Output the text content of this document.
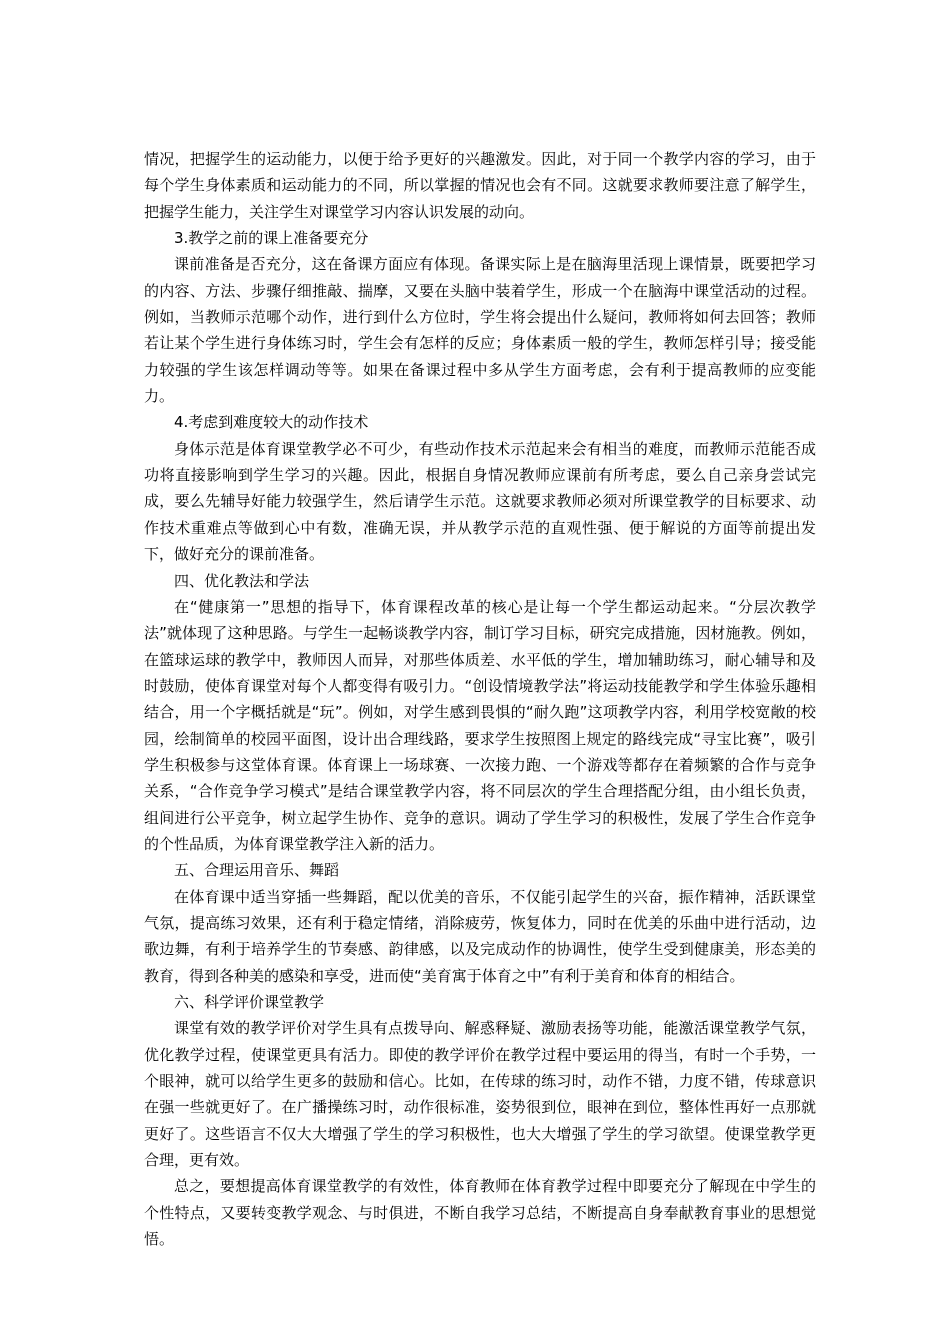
情况，把握学生的运动能力，以便于给予更好的兴趣激发。因此，对于同一个教学内容的学习，由于每个学生身体素质和运动能力的不同，所以掌握的情况也会有不同。这就要求教师要注意了解学生，把握学生能力，关注学生对课堂学习内容认识发展的动向。

3.教学之前的课上准备要充分

课前准备是否充分，这在备课方面应有体现。备课实际上是在脑海里活现上课情景，既要把学习的内容、方法、步骤仔细推敲、揣摩，又要在头脑中装着学生，形成一个在脑海中课堂活动的过程。例如，当教师示范哪个动作，进行到什么方位时，学生将会提出什么疑问，教师将如何去回答；教师若让某个学生进行身体练习时，学生会有怎样的反应；身体素质一般的学生，教师怎样引导；接受能力较强的学生该怎样调动等等。如果在备课过程中多从学生方面考虑，会有利于提高教师的应变能力。

4.考虑到难度较大的动作技术

身体示范是体育课堂教学必不可少，有些动作技术示范起来会有相当的难度，而教师示范能否成功将直接影响到学生学习的兴趣。因此，根据自身情况教师应课前有所考虑，要么自己亲身尝试完成，要么先辅导好能力较强学生，然后请学生示范。这就要求教师必须对所课堂教学的目标要求、动作技术重难点等做到心中有数，准确无误，并从教学示范的直观性强、便于解说的方面等前提出发下，做好充分的课前准备。

四、优化教法和学法

在“健康第一”思想的指导下，体育课程改革的核心是让每一个学生都运动起来。“分层次教学法”就体现了这种思路。与学生一起畅谈教学内容，制订学习目标，研究完成措施，因材施教。例如，在篮球运球的教学中，教师因人而异，对那些体质差、水平低的学生，增加辅助练习，耐心辅导和及时鼓励，使体育课堂对每个人都变得有吸引力。“创设情境教学法”将运动技能教学和学生体验乐趣相结合，用一个字概括就是“玩”。例如，对学生感到畏惧的“耐久跑”这项教学内容，利用学校宽敞的校园，绘制简单的校园平面图，设计出合理线路，要求学生按照图上规定的路线完成“寻宝比赛”，吸引学生积极参与这堂体育课。体育课上一场球赛、一次接力跑、一个游戏等都存在着频繁的合作与竞争关系，“合作竞争学习模式”是结合课堂教学内容，将不同层次的学生合理搭配分组，由小组长负责，组间进行公平竞争，树立起学生协作、竞争的意识。调动了学生学习的积极性，发展了学生合作竞争的个性品质，为体育课堂教学注入新的活力。

五、合理运用音乐、舞蹈

在体育课中适当穿插一些舞蹈，配以优美的音乐，不仅能引起学生的兴奋，振作精神，活跃课堂气氛，提高练习效果，还有利于稳定情绪，消除疲劳，恢复体力，同时在优美的乐曲中进行活动，边歌边舞，有利于培养学生的节奏感、韵律感，以及完成动作的协调性，使学生受到健康美，形态美的教育，得到各种美的感染和享受，进而使“美育寓于体育之中”有利于美育和体育的相结合。

六、科学评价课堂教学

课堂有效的教学评价对学生具有点拨导向、解惑释疑、激励表扬等功能，能激活课堂教学气氛，优化教学过程，使课堂更具有活力。即使的教学评价在教学过程中要运用的得当，有时一个手势，一个眼神，就可以给学生更多的鼓励和信心。比如，在传球的练习时，动作不错，力度不错，传球意识在强一些就更好了。在广播操练习时，动作很标准，姿势很到位，眼神在到位，整体性再好一点那就更好了。这些语言不仅大大增强了学生的学习积极性，也大大增强了学生的学习欲望。使课堂教学更合理，更有效。

总之，要想提高体育课堂教学的有效性，体育教师在体育教学过程中即要充分了解现在中学生的个性特点，又要转变教学观念、与时俱进，不断自我学习总结，不断提高自身奉献教育事业的思想觉悟。
